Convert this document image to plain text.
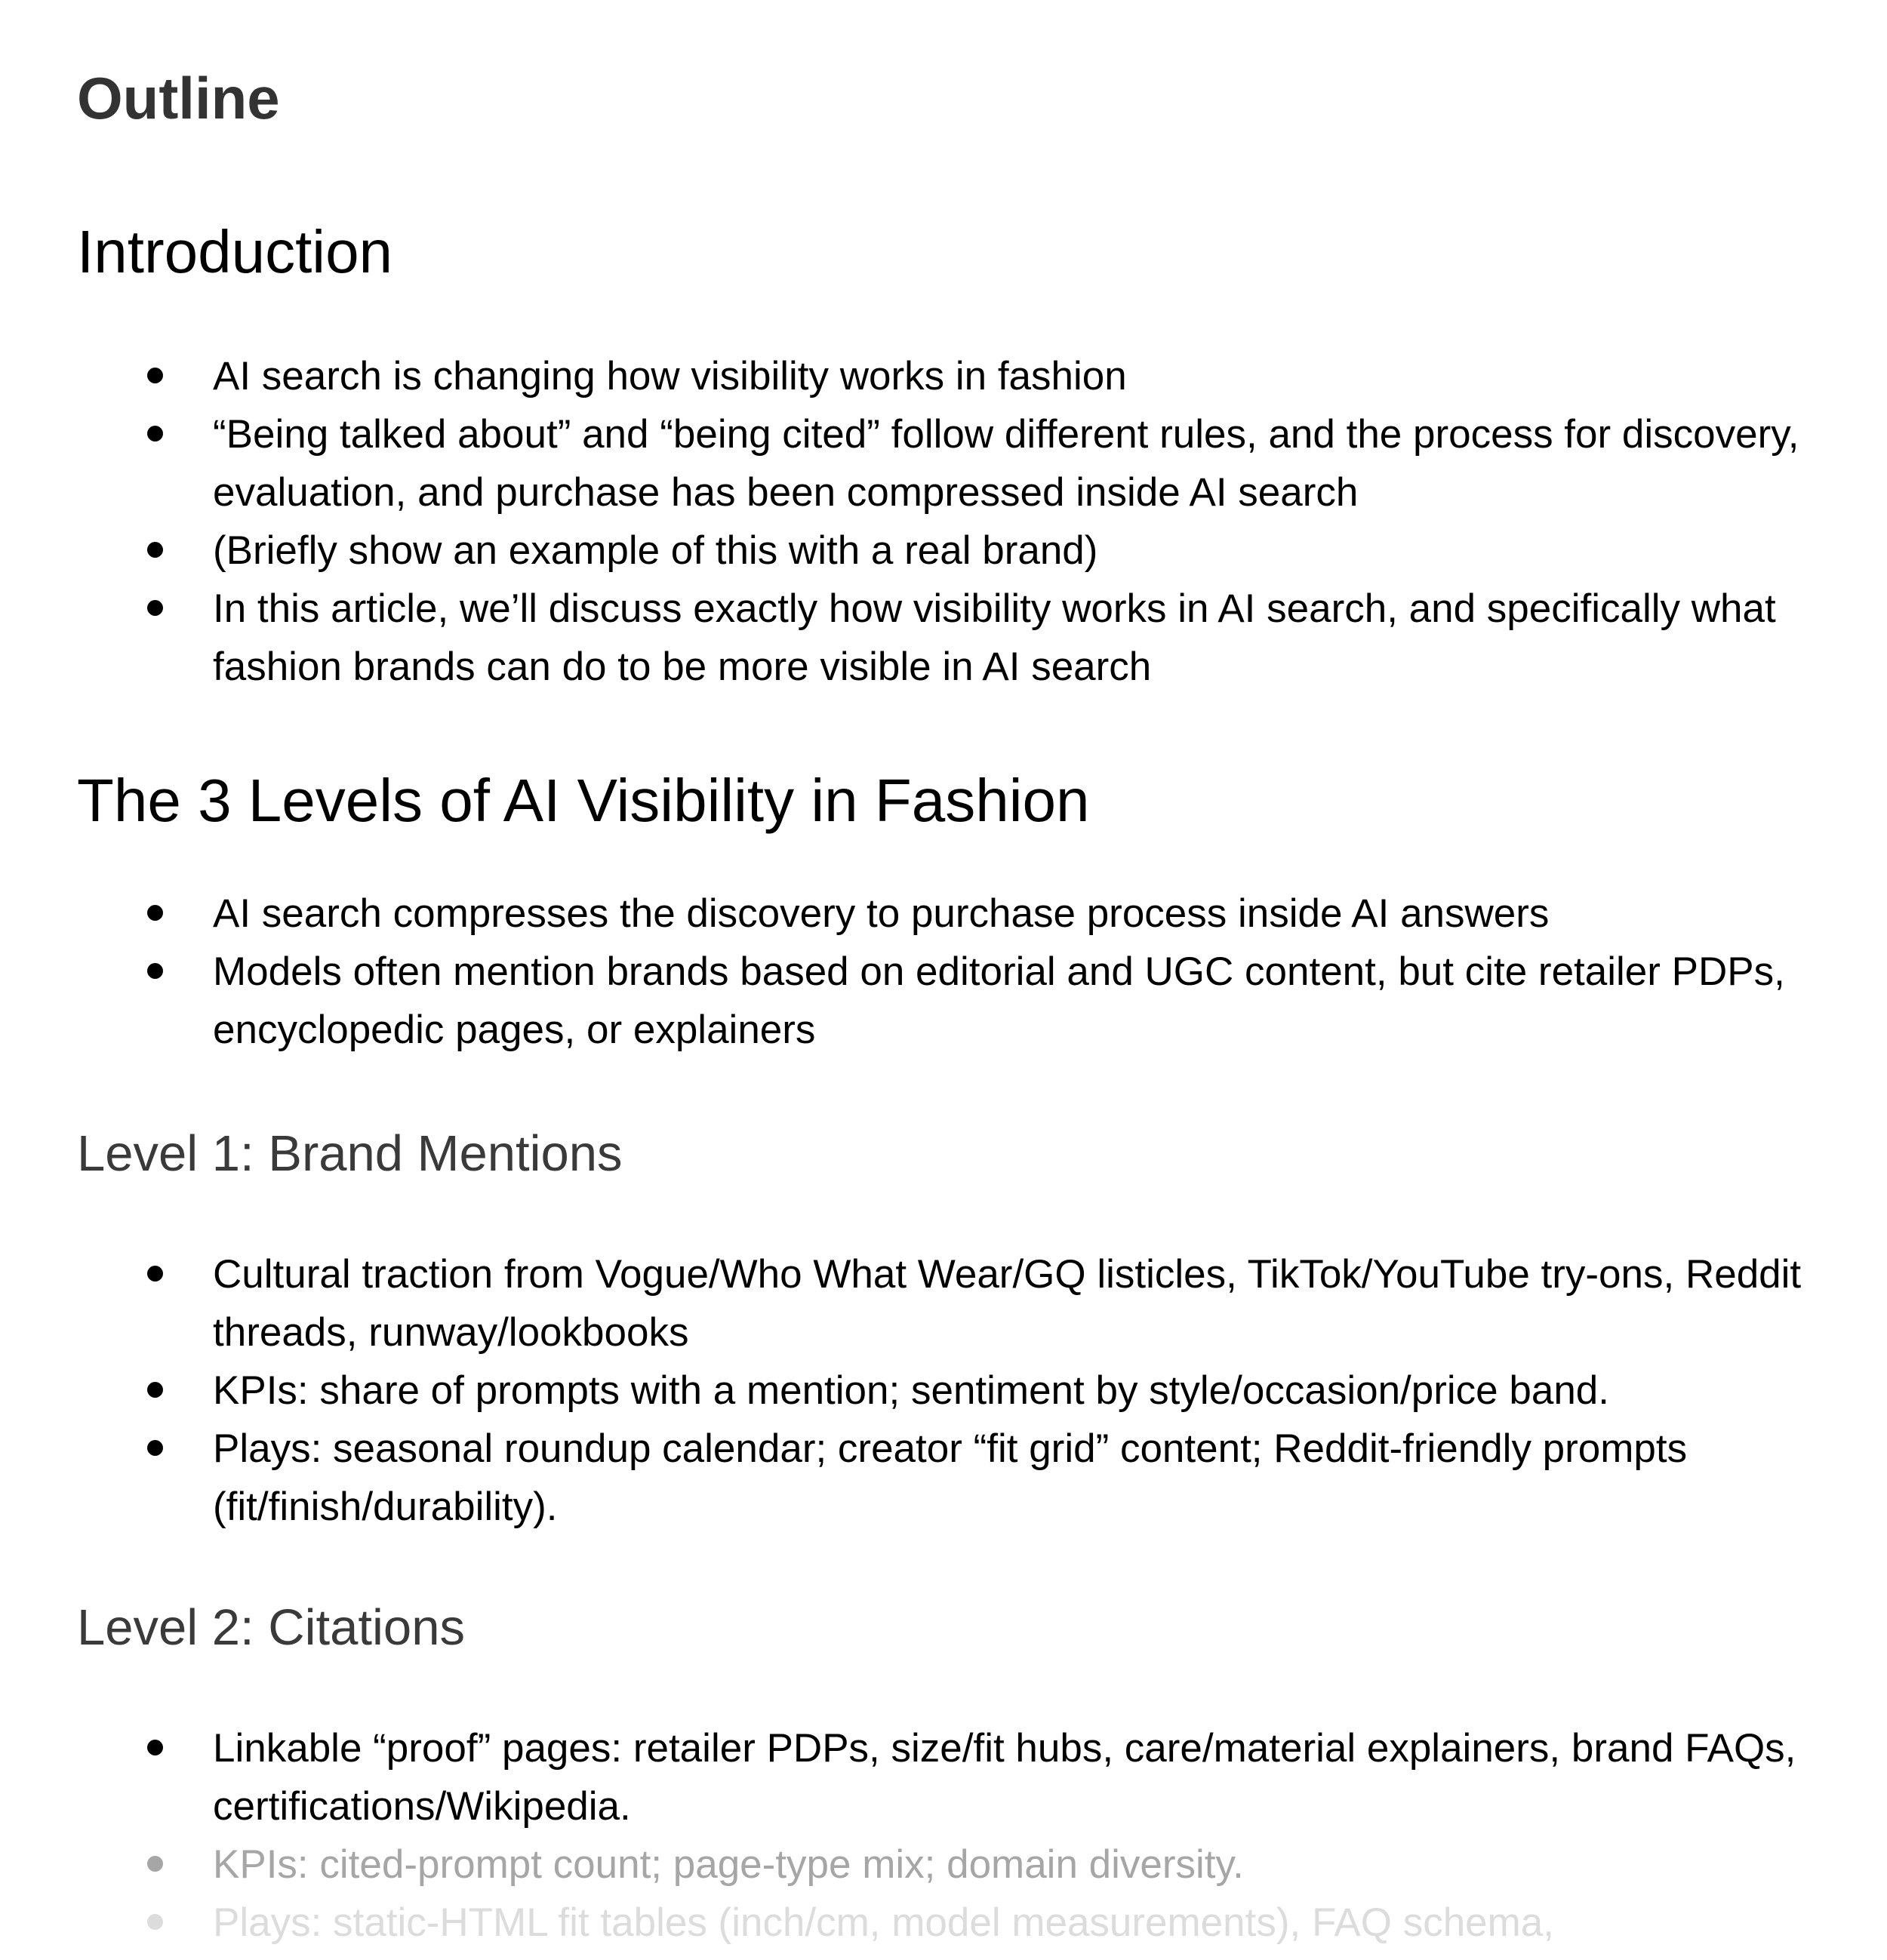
Outline
Introduction
AI search is changing how visibility works in fashion
“Being talked about” and “being cited” follow different rules, and the process for discovery, evaluation, and purchase has been compressed inside AI search
(Briefly show an example of this with a real brand)
In this article, we’ll discuss exactly how visibility works in AI search, and specifically what fashion brands can do to be more visible in AI search
The 3 Levels of AI Visibility in Fashion
AI search compresses the discovery to purchase process inside AI answers
Models often mention brands based on editorial and UGC content, but cite retailer PDPs, encyclopedic pages, or explainers
Level 1: Brand Mentions
Cultural traction from Vogue/Who What Wear/GQ listicles, TikTok/YouTube try-ons, Reddit threads, runway/lookbooks
KPIs: share of prompts with a mention; sentiment by style/occasion/price band.
Plays: seasonal roundup calendar; creator “fit grid” content; Reddit-friendly prompts (fit/finish/durability).
Level 2: Citations
Linkable “proof” pages: retailer PDPs, size/fit hubs, care/material explainers, brand FAQs, certifications/Wikipedia.
KPIs: cited-prompt count; page-type mix; domain diversity.
Plays: static-HTML fit tables (inch/cm, model measurements), FAQ schema,
